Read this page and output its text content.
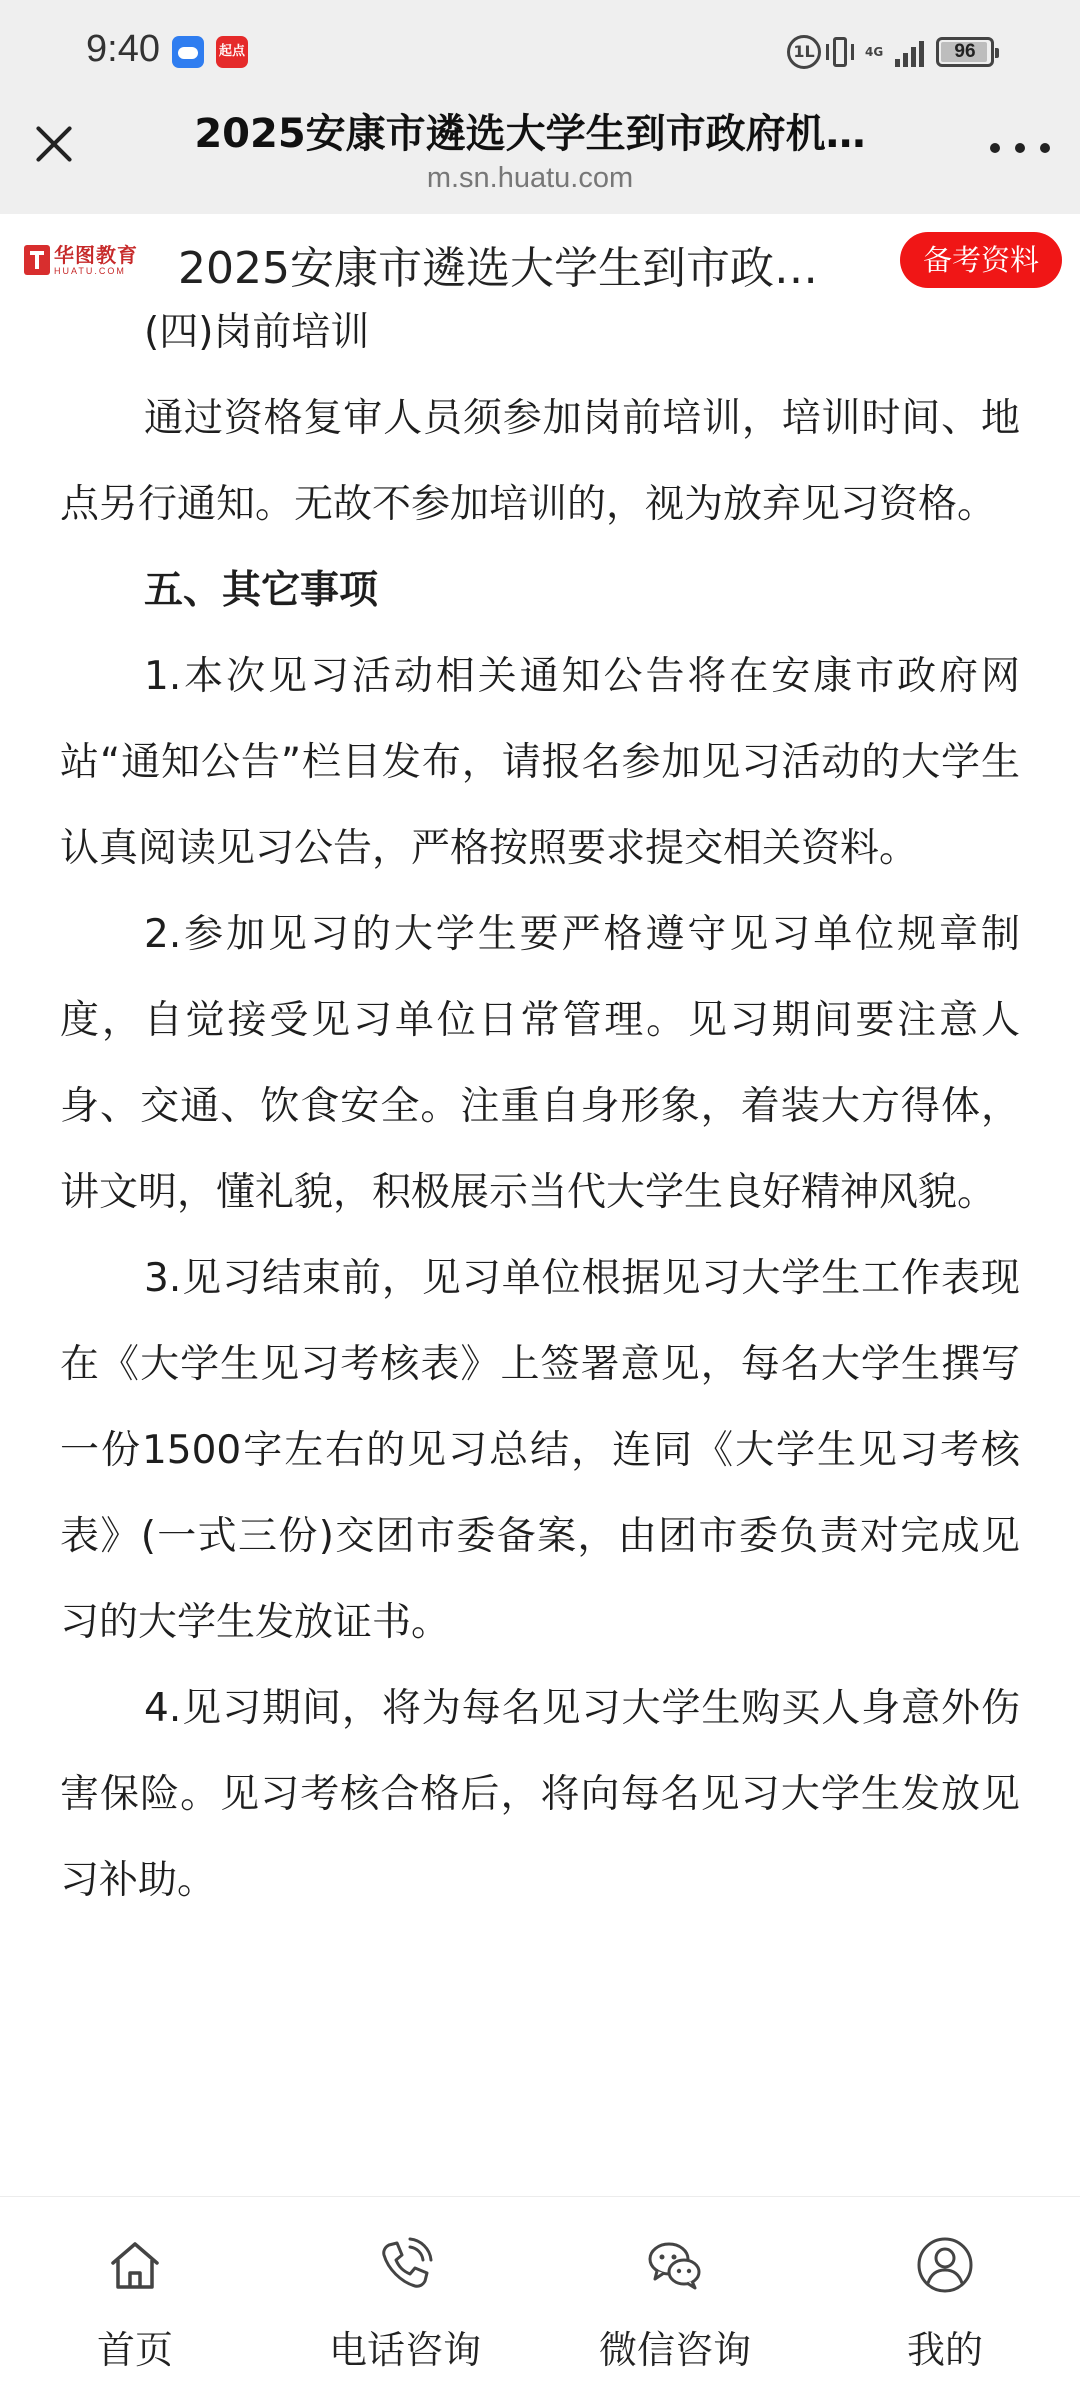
9:40	起点	1L	4G	96
2025安康市遴选大学生到市政府机…
m.sn.huatu.com
华图教育
HUATU.COM 2025安康市遴选大学生到市政…	备考资料

(四)岗前培训

通过资格复审人员须参加岗前培训，培训时间、地点另行通知。无故不参加培训的，视为放弃见习资格。

五、其它事项

1.本次见习活动相关通知公告将在安康市政府网站“通知公告”栏目发布，请报名参加见习活动的大学生认真阅读见习公告，严格按照要求提交相关资料。

2.参加见习的大学生要严格遵守见习单位规章制度，自觉接受见习单位日常管理。见习期间要注意人身、交通、饮食安全。注重自身形象，着装大方得体，讲文明，懂礼貌，积极展示当代大学生良好精神风貌。

3.见习结束前，见习单位根据见习大学生工作表现在《大学生见习考核表》上签署意见，每名大学生撰写一份1500字左右的见习总结，连同《大学生见习考核表》(一式三份)交团市委备案，由团市委负责对完成见习的大学生发放证书。

4.见习期间，将为每名见习大学生购买人身意外伤害保险。见习考核合格后，将向每名见习大学生发放见习补助。

首页	电话咨询	微信咨询	我的
